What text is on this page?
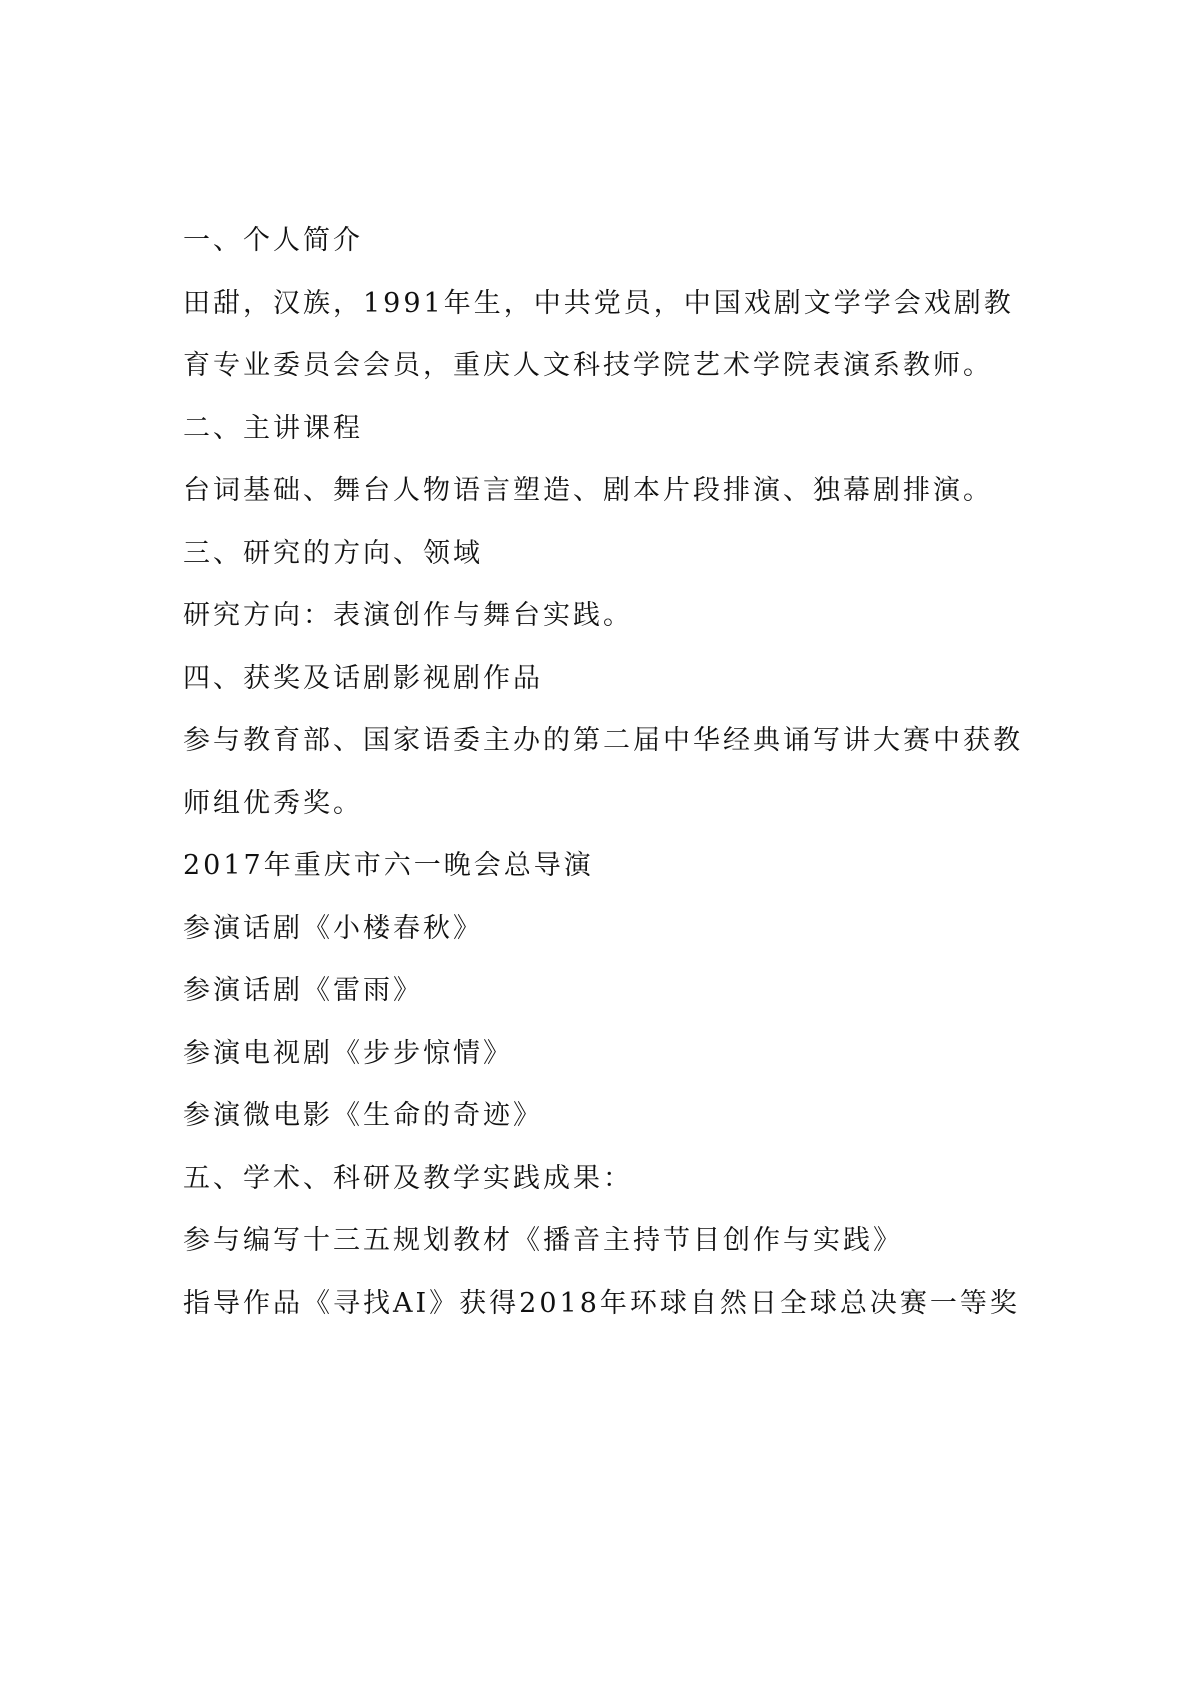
一、个人简介
田甜，汉族，1991年生，中共党员，中国戏剧文学学会戏剧教
育专业委员会会员，重庆人文科技学院艺术学院表演系教师。
二、主讲课程
台词基础、舞台人物语言塑造、剧本片段排演、独幕剧排演。
三、研究的方向、领域
研究方向：表演创作与舞台实践。
四、获奖及话剧影视剧作品
参与教育部、国家语委主办的第二届中华经典诵写讲大赛中获教
师组优秀奖。
2017年重庆市六一晚会总导演
参演话剧《小楼春秋》
参演话剧《雷雨》
参演电视剧《步步惊情》
参演微电影《生命的奇迹》
五、学术、科研及教学实践成果：
参与编写十三五规划教材《播音主持节目创作与实践》
指导作品《寻找AI》获得2018年环球自然日全球总决赛一等奖
